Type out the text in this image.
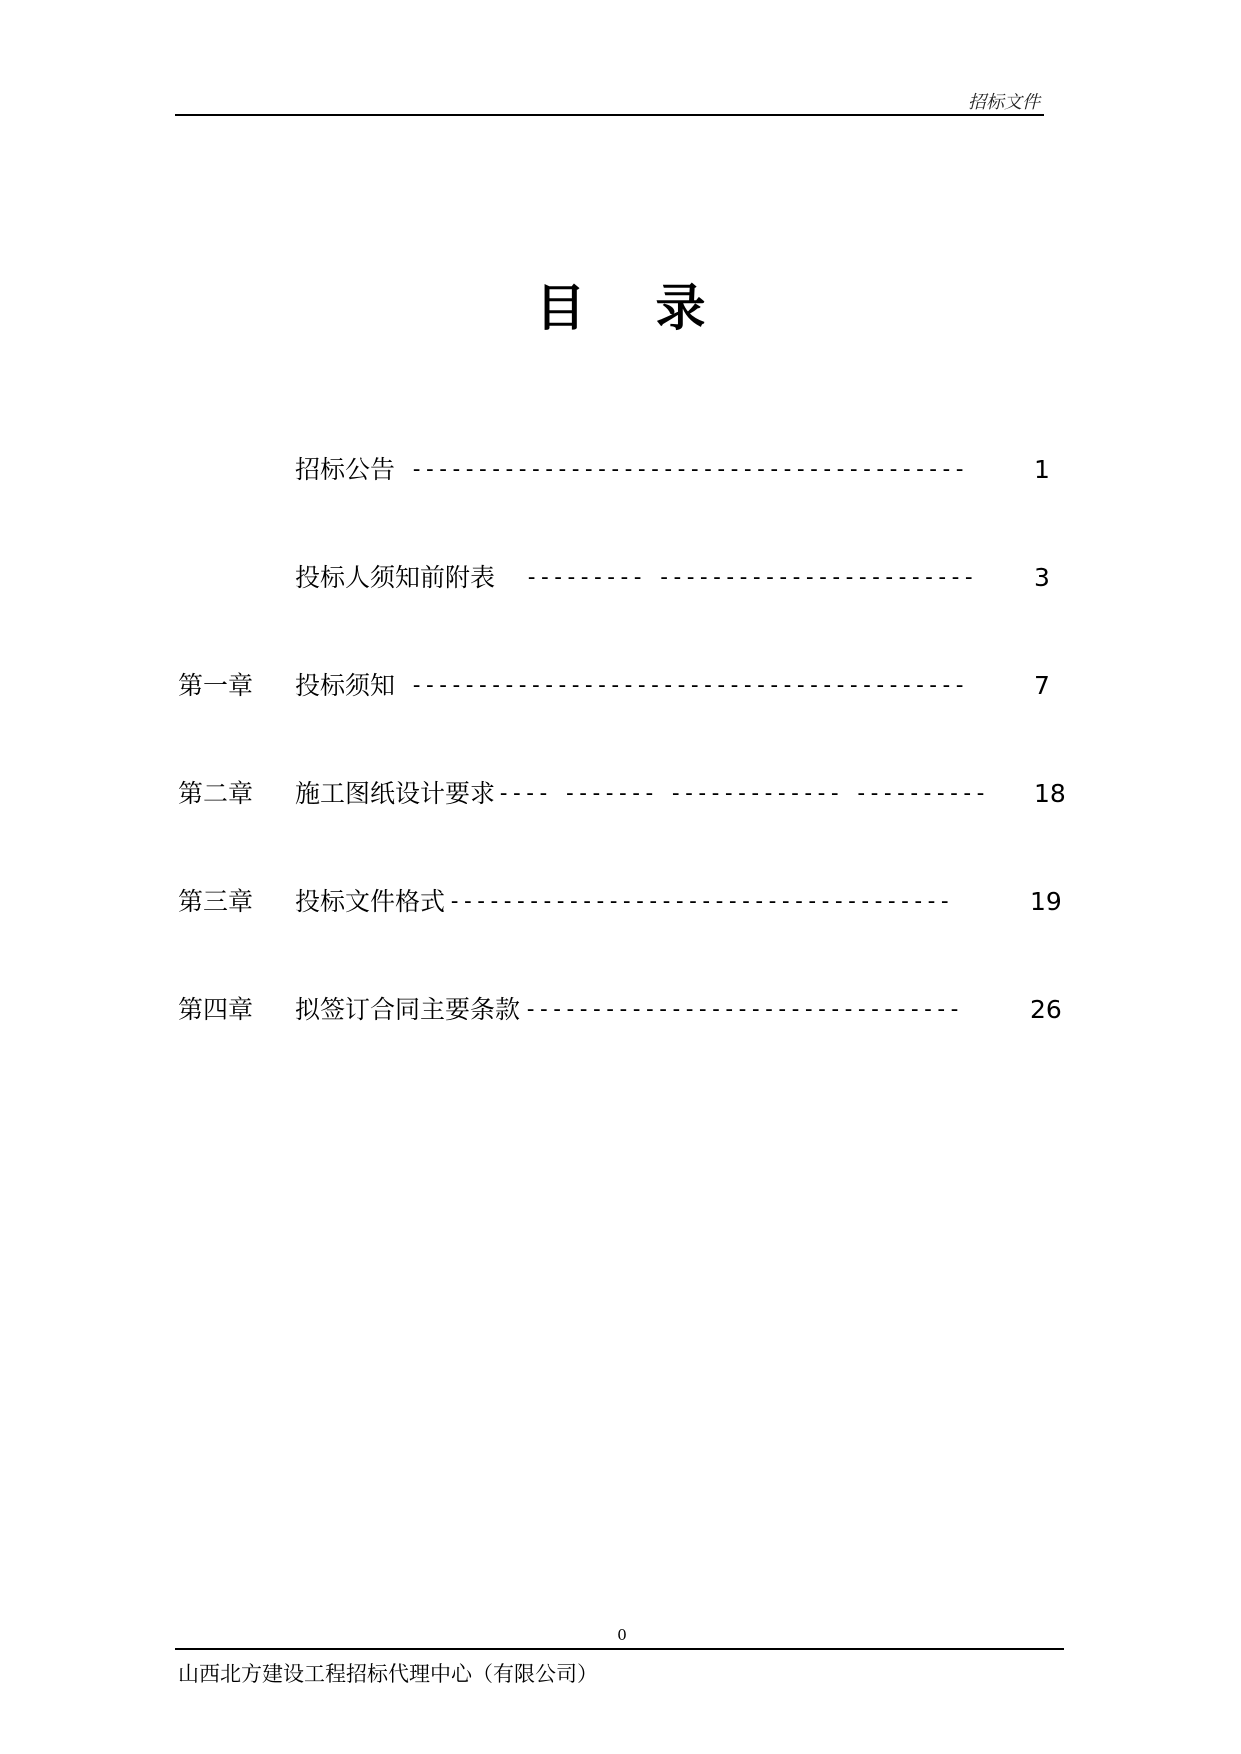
招标文件
目录
招标公告 ------------------------------------------	1
投标人须知前附表 --------- ------------------------	3
第一章 投标须知 ------------------------------------------	7
第二章 施工图纸设计要求 ---- ------- ------------- ----------	18
第三章 投标文件格式 --------------------------------------	19
第四章 拟签订合同主要条款 ---------------------------------	26
0
山西北方建设工程招标代理中心（有限公司）
